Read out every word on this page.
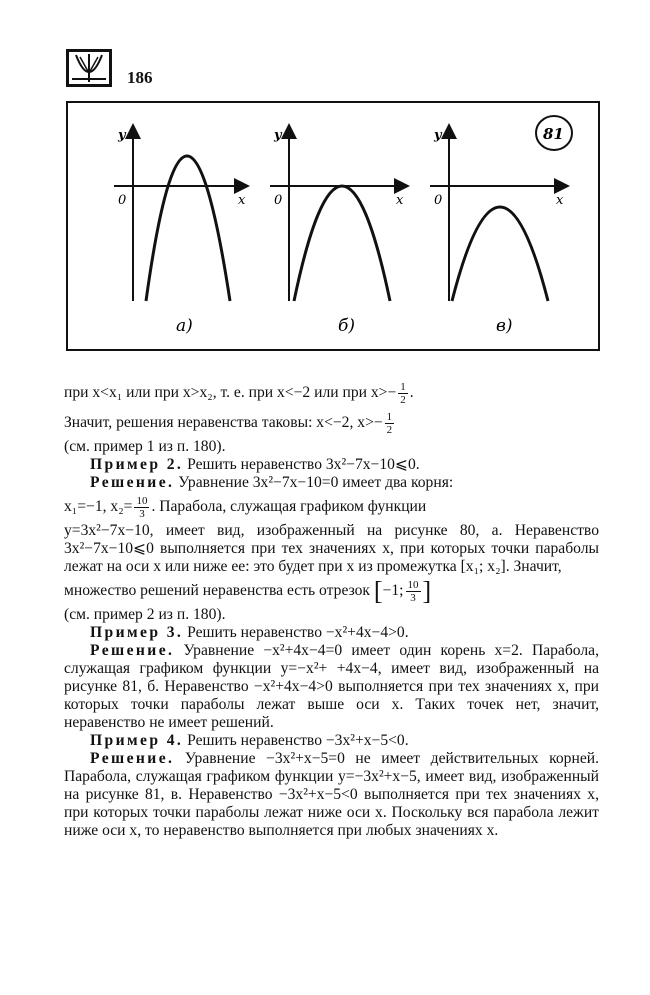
186
y
0	x
а)
y
0	x
б)
y
0	x
в)
81

при x<x₁ или при x>x₂, т. е. при x<−2 или при $x>- \frac{1}{2}$ .

Значит, решения неравенства таковы: x<−2, $x>- \frac{1}{2}$

(см. пример 1 из п. 180).

Пример 2. Решить неравенство 3x²−7x−10⩽0.

Решение. Уравнение 3x²−7x−10=0 имеет два корня:

x₁=−1, $x_2= \frac{10}{3}$ . Парабола, служащая графиком функции

y=3x²−7x−10, имеет вид, изображенный на рисунке 80, а. Неравенство 3x²−7x−10⩽0 выполняется при тех значениях x, при которых точки параболы лежат на оси x или ниже ее: это будет при x из промежутка [x₁; x₂]. Значит,

множество решений неравенства есть отрезок [−1; $\frac{10}{3}$ ]

(см. пример 2 из п. 180).

Пример 3. Решить неравенство −x²+4x−4>0.

Решение. Уравнение −x²+4x−4=0 имеет один корень x=2. Парабола, служащая графиком функции y=−x²+ +4x−4, имеет вид, изображенный на рисунке 81, б. Неравенство −x²+4x−4>0 выполняется при тех значениях x, при которых точки параболы лежат выше оси x. Таких точек нет, значит, неравенство не имеет решений.

Пример 4. Решить неравенство −3x²+x−5<0.

Решение. Уравнение −3x²+x−5=0 не имеет действительных корней. Парабола, служащая графиком функции y=−3x²+x−5, имеет вид, изображенный на рисунке 81, в. Неравенство −3x²+x−5<0 выполняется при тех значениях x, при которых точки параболы лежат ниже оси x. Поскольку вся парабола лежит ниже оси x, то неравенство выполняется при любых значениях x.
